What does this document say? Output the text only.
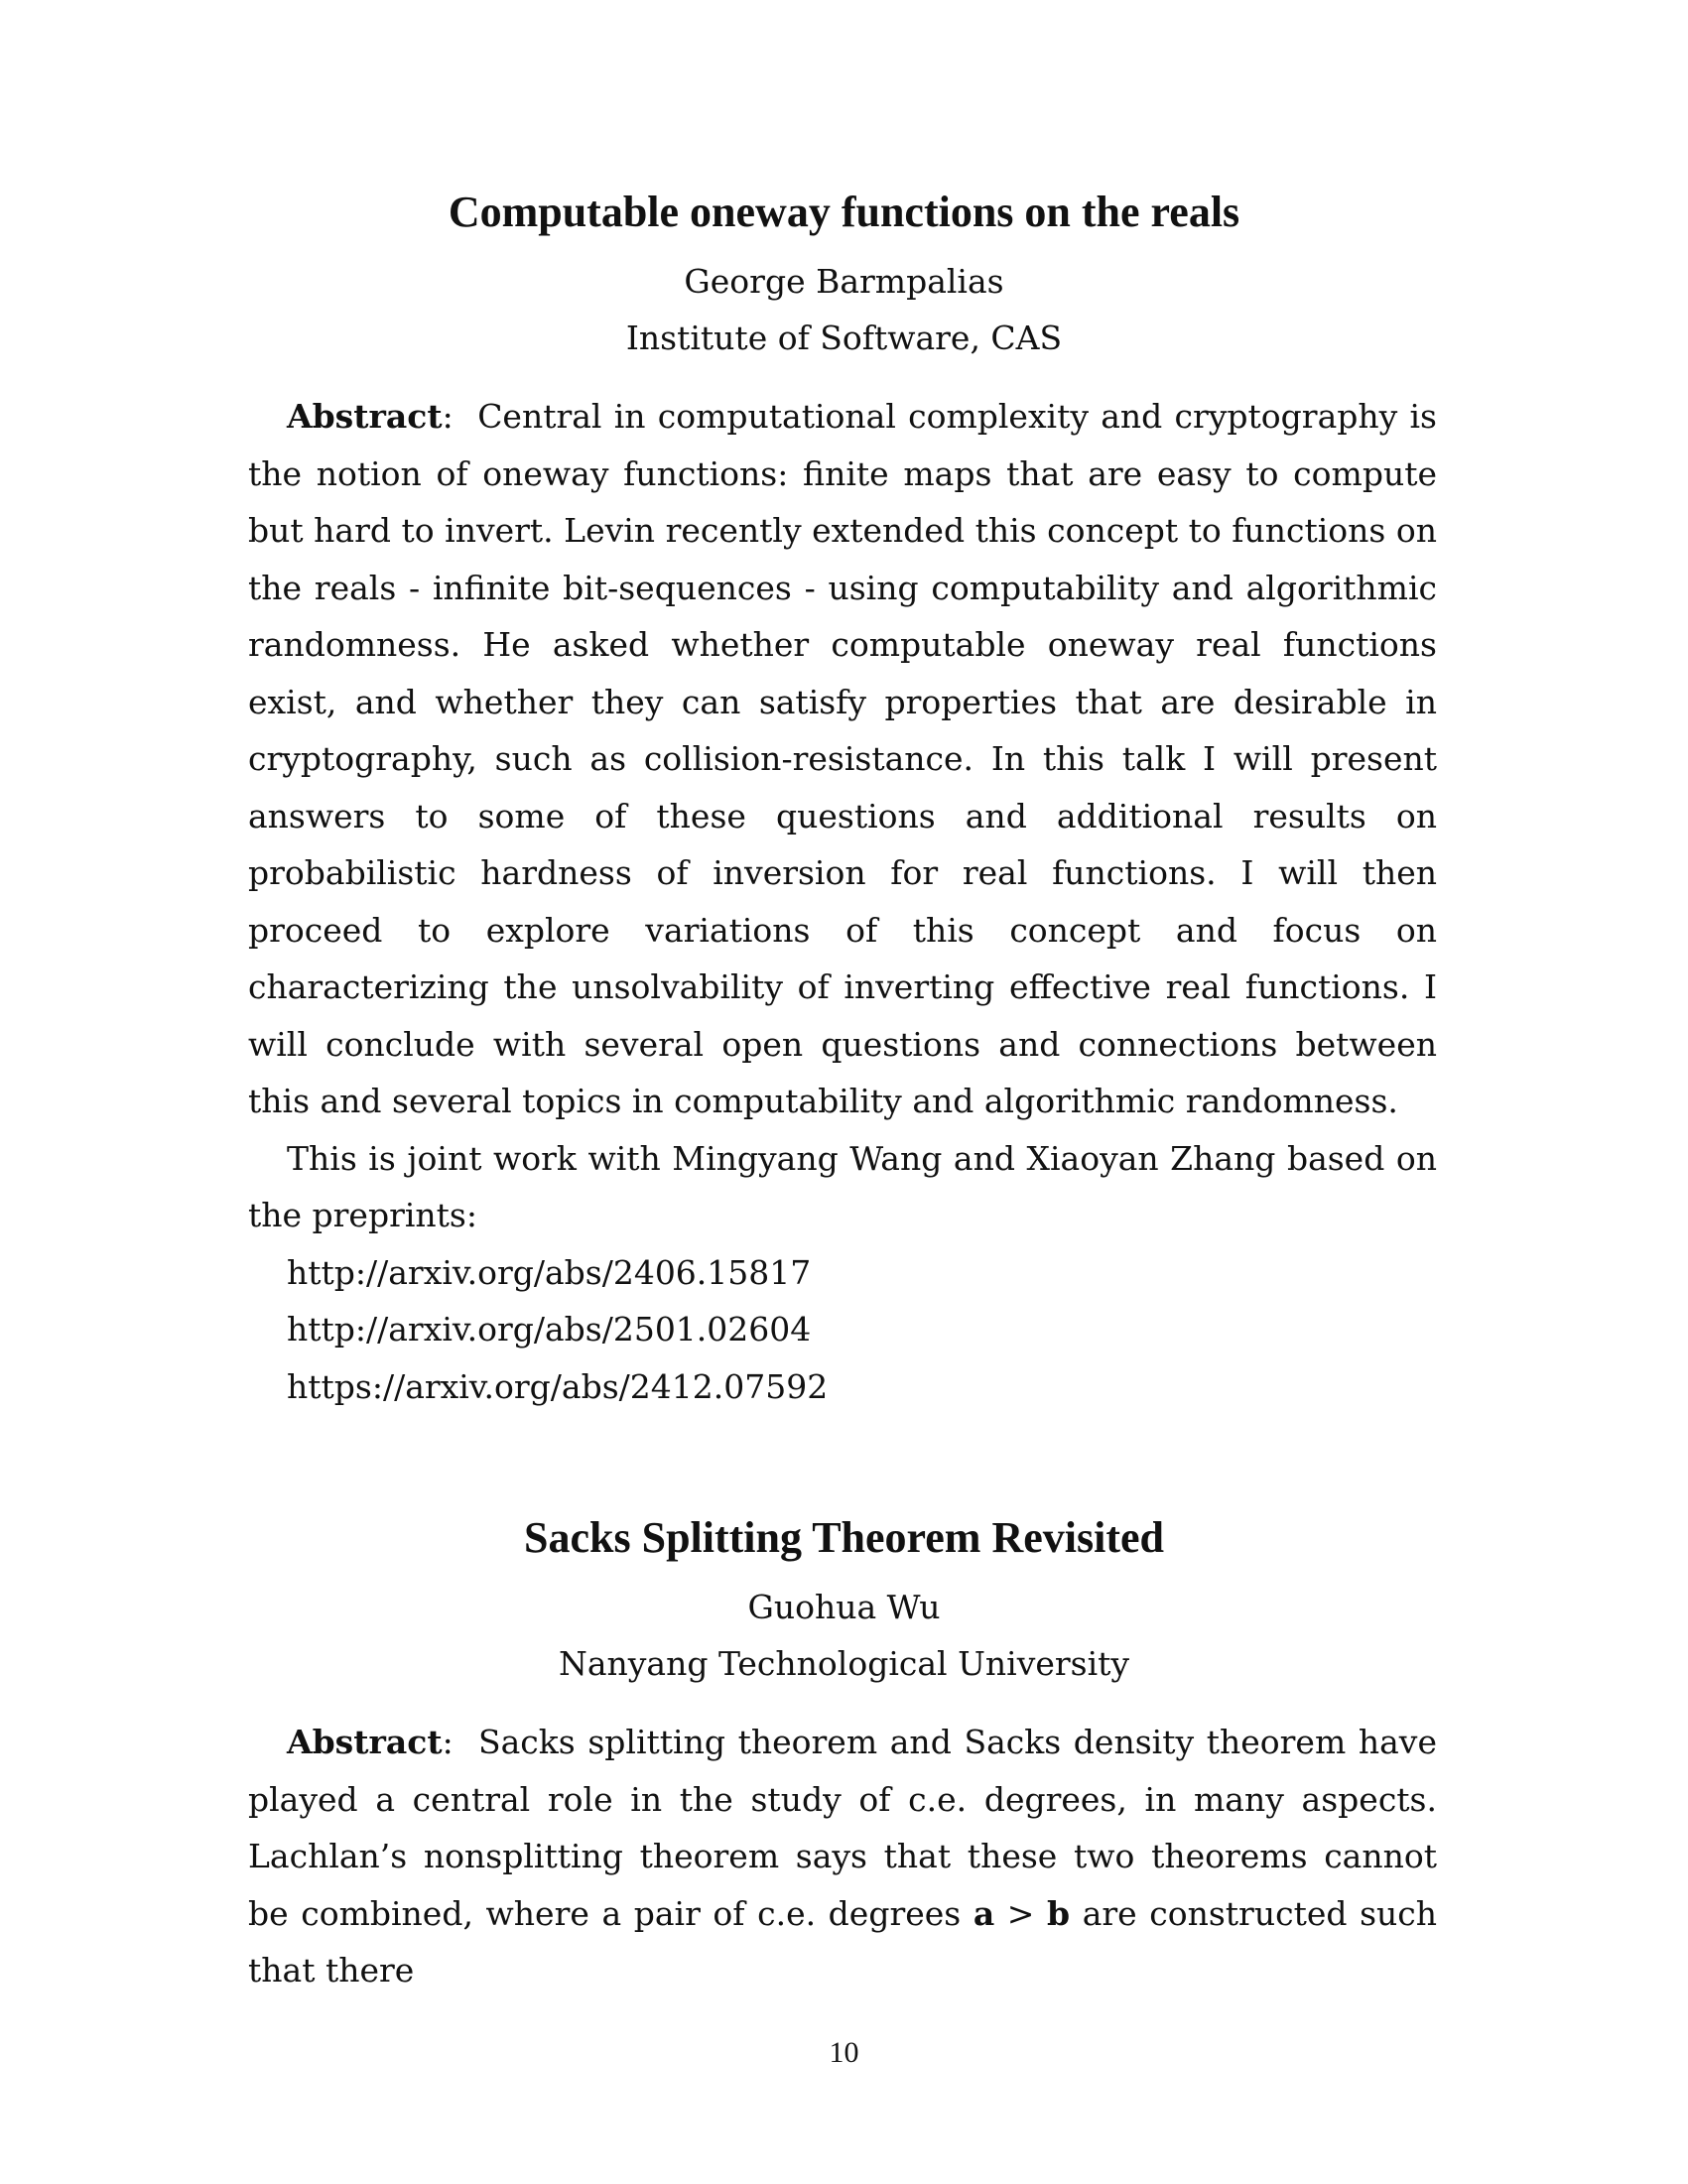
Computable oneway functions on the reals
George Barmpalias
Institute of Software, CAS

Abstract:  Central in computational complexity and cryptography is the notion of oneway functions: finite maps that are easy to compute but hard to invert. Levin recently extended this concept to functions on the reals - infinite bit-sequences - using computability and algorithmic randomness. He asked whether computable oneway real functions exist, and whether they can satisfy properties that are desirable in cryptography, such as collision-resistance. In this talk I will present answers to some of these questions and additional results on probabilistic hardness of inversion for real functions. I will then proceed to explore variations of this concept and focus on characterizing the unsolvability of inverting effective real functions. I will conclude with several open questions and connections between this and several topics in computability and algorithmic randomness.

This is joint work with Mingyang Wang and Xiaoyan Zhang based on the preprints:

http://arxiv.org/abs/2406.15817
http://arxiv.org/abs/2501.02604
https://arxiv.org/abs/2412.07592
Sacks Splitting Theorem Revisited
Guohua Wu
Nanyang Technological University

Abstract:  Sacks splitting theorem and Sacks density theorem have played a central role in the study of c.e. degrees, in many aspects. Lachlan’s nonsplitting theorem says that these two theorems cannot be combined, where a pair of c.e. degrees a > b are constructed such that there

10
